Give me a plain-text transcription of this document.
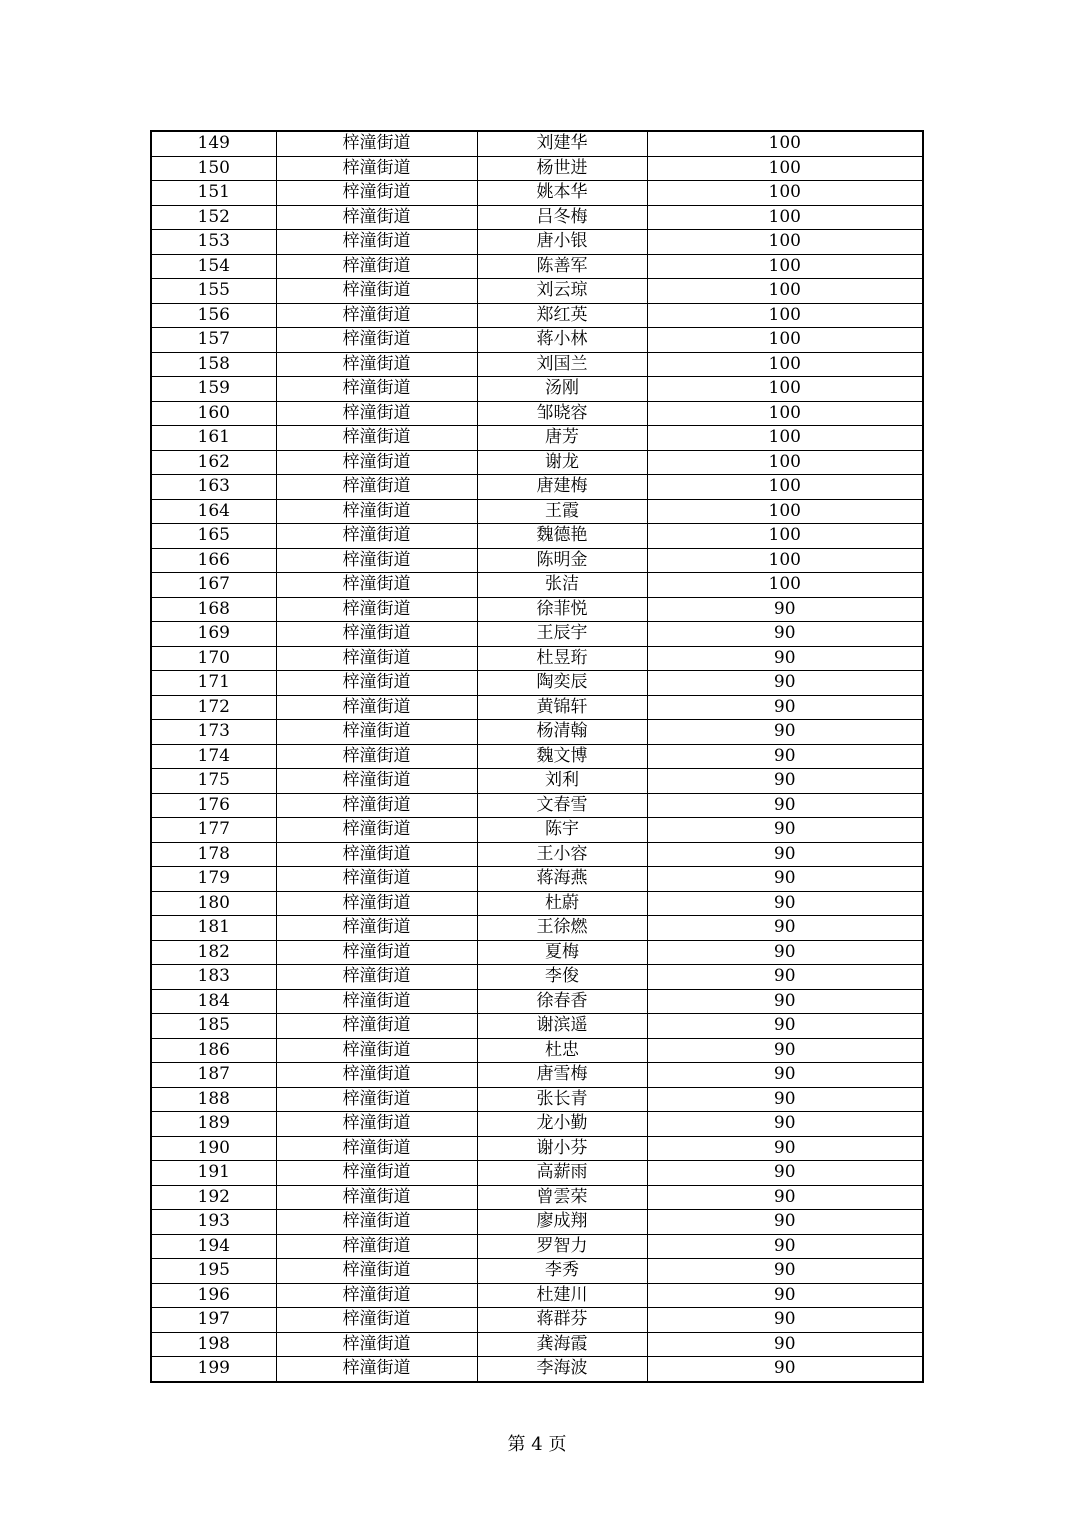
149	梓潼街道	刘建华	100
150	梓潼街道	杨世进	100
151	梓潼街道	姚本华	100
152	梓潼街道	吕冬梅	100
153	梓潼街道	唐小银	100
154	梓潼街道	陈善军	100
155	梓潼街道	刘云琼	100
156	梓潼街道	郑红英	100
157	梓潼街道	蒋小林	100
158	梓潼街道	刘国兰	100
159	梓潼街道	汤刚	100
160	梓潼街道	邹晓容	100
161	梓潼街道	唐芳	100
162	梓潼街道	谢龙	100
163	梓潼街道	唐建梅	100
164	梓潼街道	王霞	100
165	梓潼街道	魏德艳	100
166	梓潼街道	陈明金	100
167	梓潼街道	张洁	100
168	梓潼街道	徐菲悦	90
169	梓潼街道	王辰宇	90
170	梓潼街道	杜昱珩	90
171	梓潼街道	陶奕辰	90
172	梓潼街道	黄锦轩	90
173	梓潼街道	杨清翰	90
174	梓潼街道	魏文博	90
175	梓潼街道	刘利	90
176	梓潼街道	文春雪	90
177	梓潼街道	陈宇	90
178	梓潼街道	王小容	90
179	梓潼街道	蒋海燕	90
180	梓潼街道	杜蔚	90
181	梓潼街道	王徐燃	90
182	梓潼街道	夏梅	90
183	梓潼街道	李俊	90
184	梓潼街道	徐春香	90
185	梓潼街道	谢滨遥	90
186	梓潼街道	杜忠	90
187	梓潼街道	唐雪梅	90
188	梓潼街道	张长青	90
189	梓潼街道	龙小勤	90
190	梓潼街道	谢小芬	90
191	梓潼街道	高薪雨	90
192	梓潼街道	曾雲荣	90
193	梓潼街道	廖成翔	90
194	梓潼街道	罗智力	90
195	梓潼街道	李秀	90
196	梓潼街道	杜建川	90
197	梓潼街道	蒋群芬	90
198	梓潼街道	龚海霞	90
199	梓潼街道	李海波	90
第 4 页
